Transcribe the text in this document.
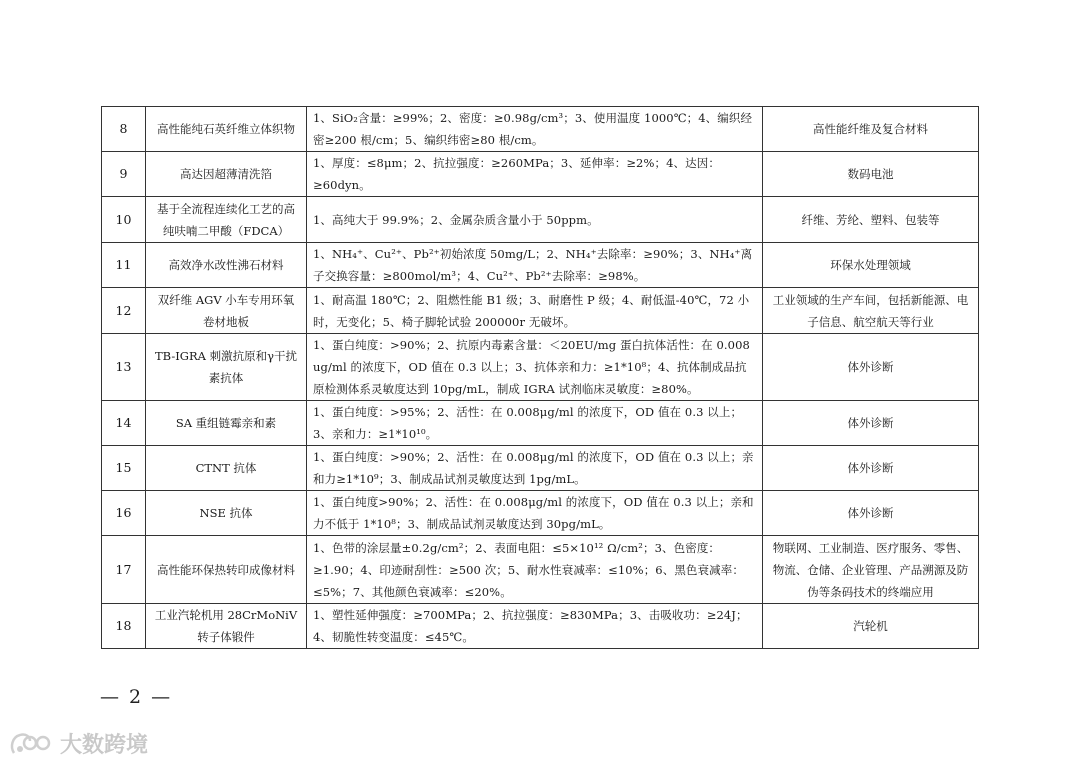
8	高性能纯石英纤维立体织物	1、SiO₂含量：≥99%；2、密度：≥0.98g/cm³；3、使用温度 1000℃；4、编织经密≥200 根/cm；5、编织纬密≥80 根/cm。	高性能纤维及复合材料
9	高达因超薄清洗箔	1、厚度：≤8μm；2、抗拉强度：≥260MPa；3、延伸率：≥2%；4、达因：≥60dyn。	数码电池
10	基于全流程连续化工艺的高纯呋喃二甲酸（FDCA）	1、高纯大于 99.9%；2、金属杂质含量小于 50ppm。	纤维、芳纶、塑料、包装等
11	高效净水改性沸石材料	1、NH₄⁺、Cu²⁺、Pb²⁺初始浓度 50mg/L；2、NH₄⁺去除率：≥90%；3、NH₄⁺离子交换容量：≥800mol/m³；4、Cu²⁺、Pb²⁺去除率：≥98%。	环保水处理领域
12	双纤维 AGV 小车专用环氧卷材地板	1、耐高温 180℃；2、阻燃性能 B1 级；3、耐磨性 P 级；4、耐低温-40℃，72 小时，无变化；5、椅子脚轮试验 200000r 无破坏。	工业领域的生产车间，包括新能源、电子信息、航空航天等行业
13	TB-IGRA 刺激抗原和γ干扰素抗体	1、蛋白纯度：>90%；2、抗原内毒素含量：＜20EU/mg 蛋白抗体活性：在 0.008 ug/ml 的浓度下，OD 值在 0.3 以上；3、抗体亲和力：≥1*10⁸；4、抗体制成品抗原检测体系灵敏度达到 10pg/mL，制成 IGRA 试剂临床灵敏度：≥80%。	体外诊断
14	SA 重组链霉亲和素	1、蛋白纯度：>95%；2、活性：在 0.008μg/ml 的浓度下，OD 值在 0.3 以上；3、亲和力：≥1*10¹⁰。	体外诊断
15	CTNT 抗体	1、蛋白纯度：>90%；2、活性：在 0.008μg/ml 的浓度下，OD 值在 0.3 以上；亲和力≥1*10⁹；3、制成品试剂灵敏度达到 1pg/mL。	体外诊断
16	NSE 抗体	1、蛋白纯度>90%；2、活性：在 0.008μg/ml 的浓度下，OD 值在 0.3 以上；亲和力不低于 1*10⁸；3、制成品试剂灵敏度达到 30pg/mL。	体外诊断
17	高性能环保热转印成像材料	1、色带的涂层量±0.2g/cm²；2、表面电阻：≤5×10¹² Ω/cm²；3、色密度：≥1.90；4、印迹耐刮性：≥500 次；5、耐水性衰减率：≤10%；6、黑色衰减率：≤5%；7、其他颜色衰减率：≤20%。	物联网、工业制造、医疗服务、零售、物流、仓储、企业管理、产品溯源及防伪等条码技术的终端应用
18	工业汽轮机用 28CrMoNiV 转子体锻件	1、塑性延伸强度：≥700MPa；2、抗拉强度：≥830MPa；3、击吸收功：≥24J；4、韧脆性转变温度：≤45℃。	汽轮机
— 2 —
大数跨境
